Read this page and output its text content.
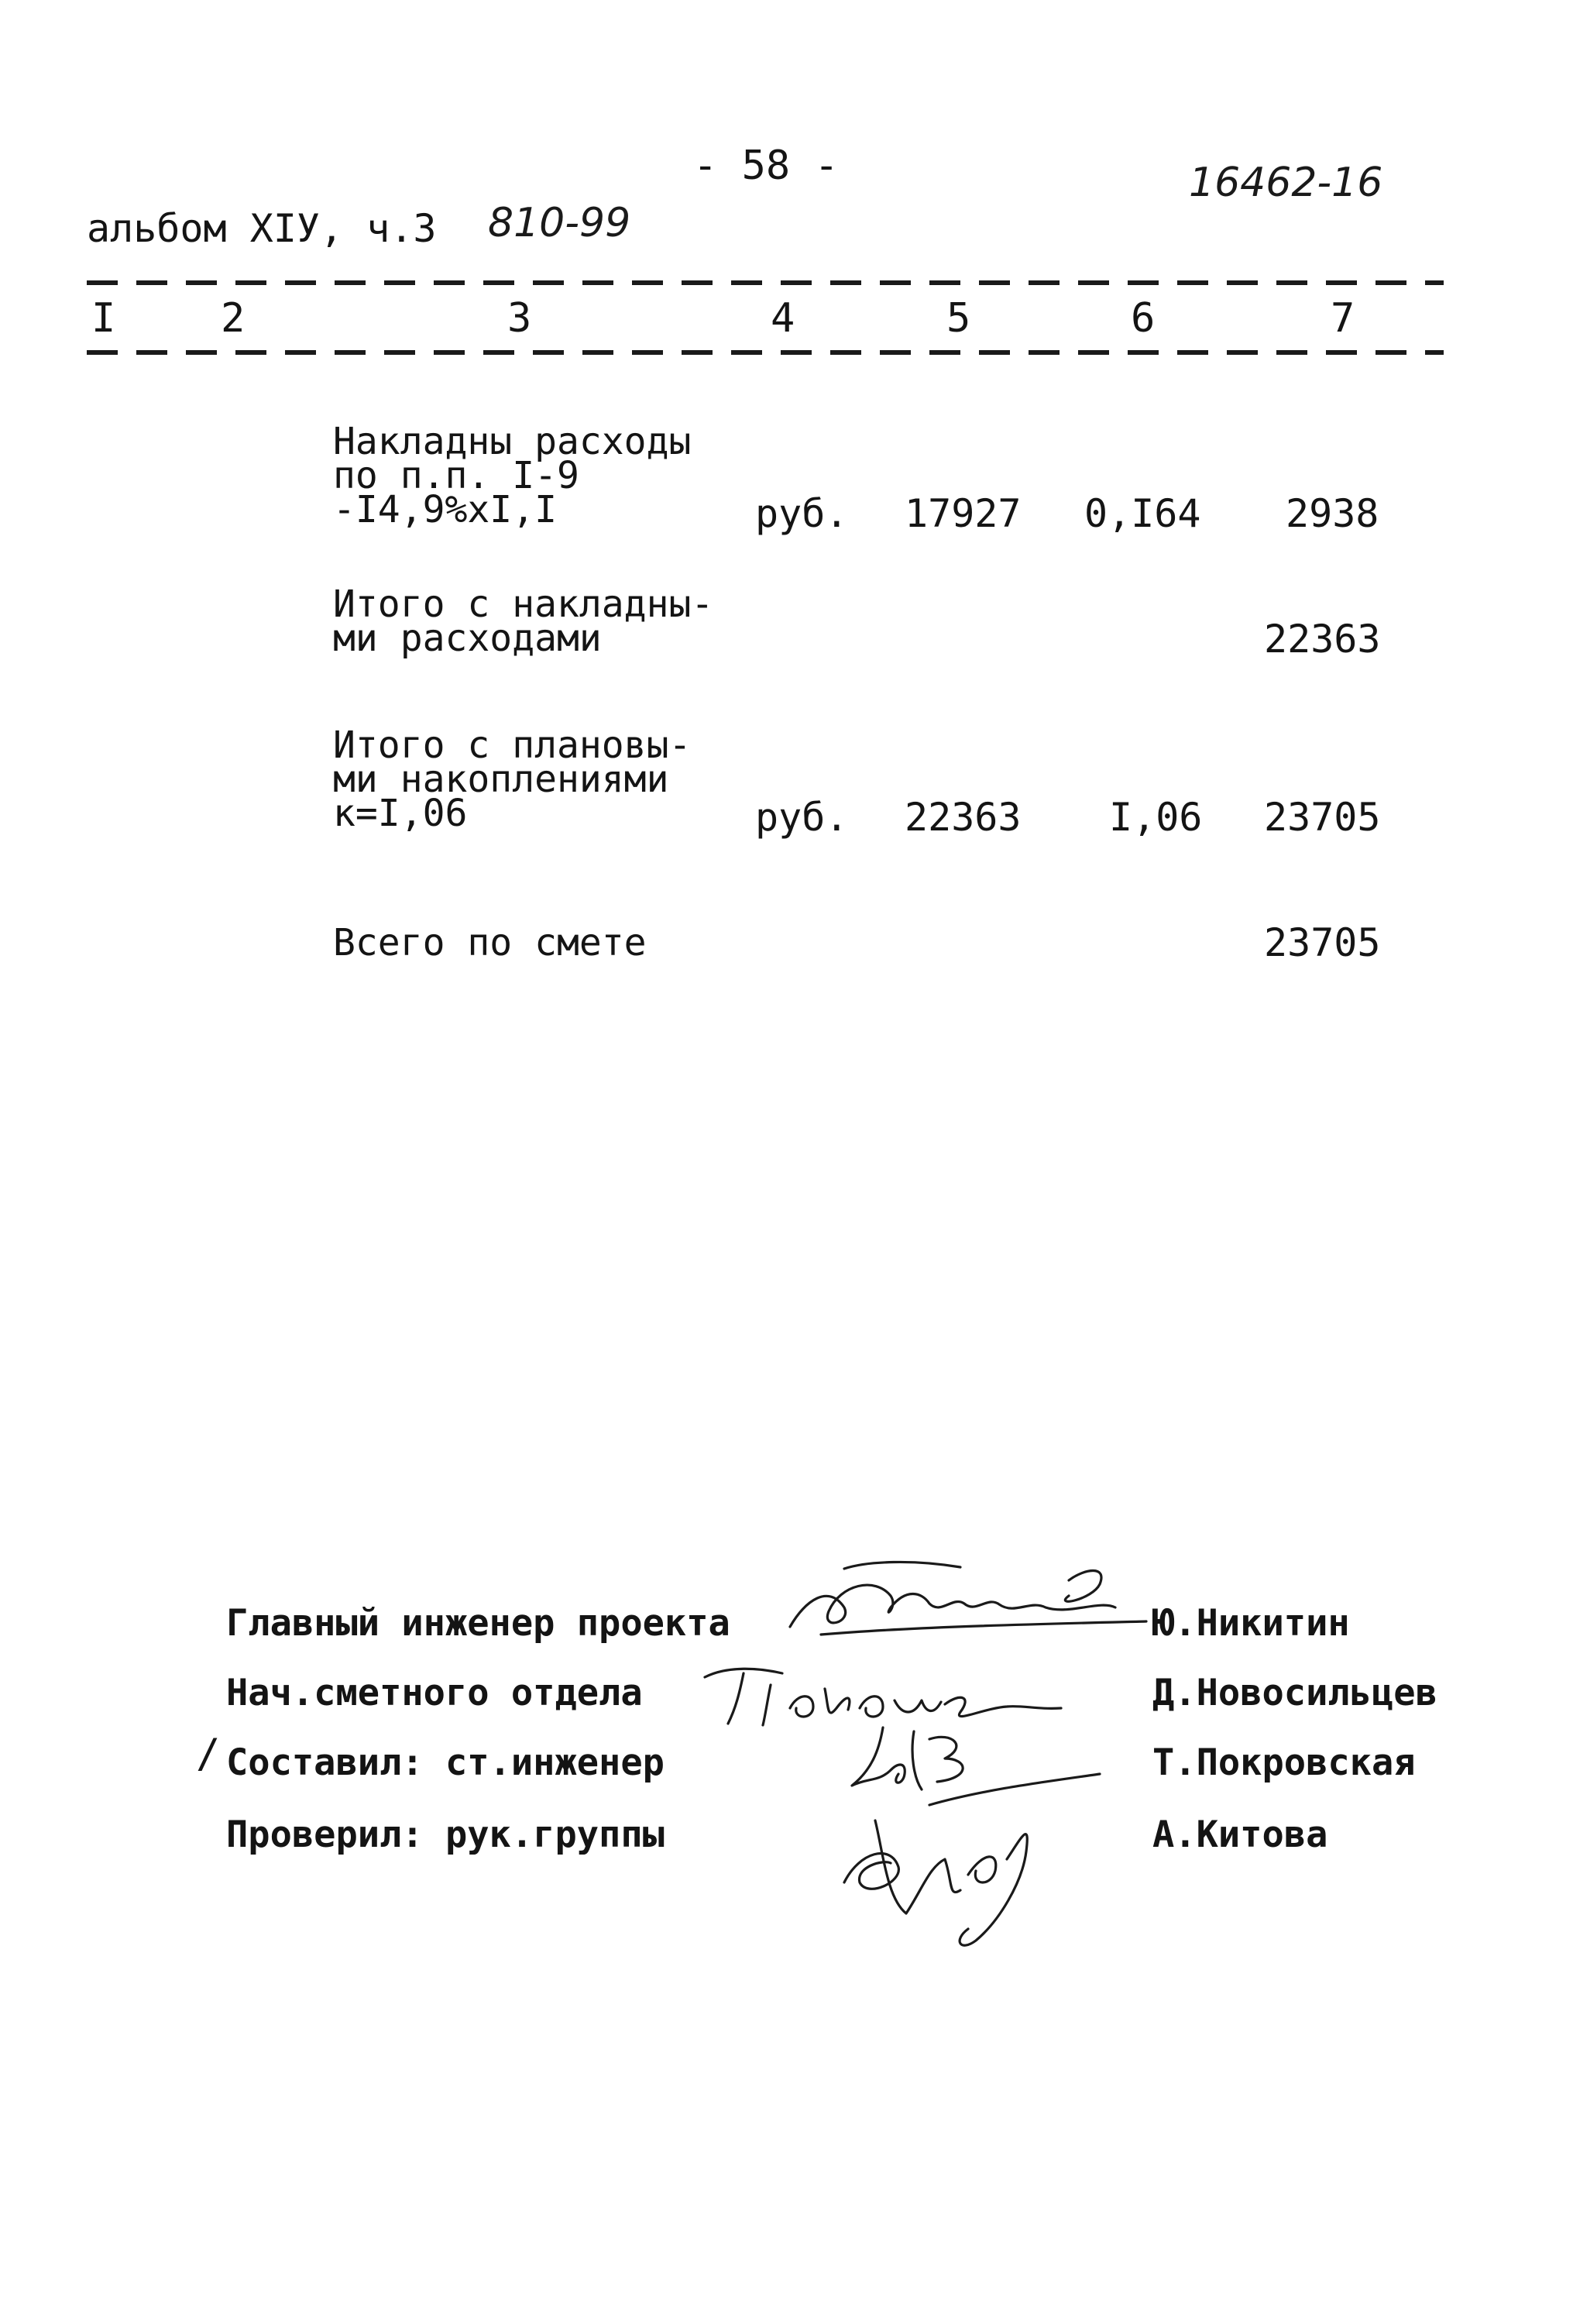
- 58 -	16462-16
альбом XIУ, ч.3 810-99
I	2	3	4	5	6	7
Накладны расходы
по п.п. I-9
-I4,9%xI,I	руб. 17927 0,I64 2938
Итого с накладны-
ми расходами	22363
Итого с плановы-
ми накоплениями
к=I,06	руб. 22363 I,06 23705
Всего по смете	23705
Главный инженер проекта	Ю.Никитин
Нач.сметного отдела	Д.Новосильцев
/ Составил: ст.инженер	Т.Покровская
Проверил: рук.группы	А.Китова
